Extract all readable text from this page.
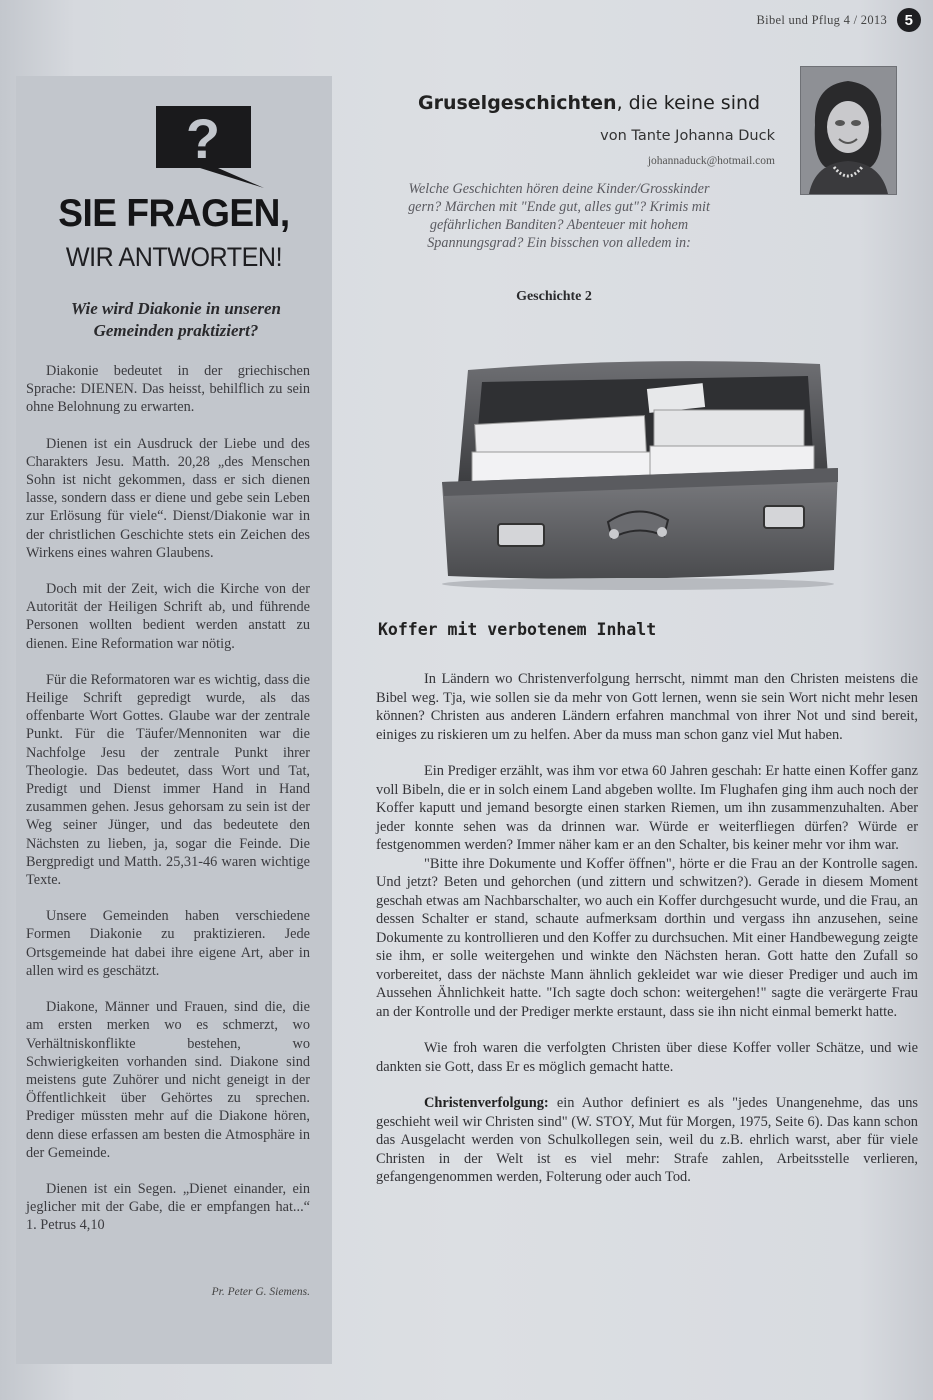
Bibel und Pflug 4 / 2013	5
?
SIE FRAGEN,
WIR ANTWORTEN!
Wie wird Diakonie in unseren Gemeinden praktiziert?

Diakonie bedeutet in der griechischen Sprache: DIENEN. Das heisst, behilflich zu sein ohne Belohnung zu erwarten.

Dienen ist ein Ausdruck der Liebe und des Charakters Jesu. Matth. 20,28 „des Menschen Sohn ist nicht gekommen, dass er sich dienen lasse, sondern dass er diene und gebe sein Leben zur Erlösung für viele“. Dienst/Diakonie war in der christlichen Geschichte stets ein Zeichen des Wirkens eines wahren Glaubens.

Doch mit der Zeit, wich die Kirche von der Autorität der Heiligen Schrift ab, und führende Personen wollten bedient werden anstatt zu dienen. Eine Reformation war nötig.

Für die Reformatoren war es wichtig, dass die Heilige Schrift gepredigt wurde, als das offenbarte Wort Gottes. Glaube war der zentrale Punkt. Für die Täufer/Mennoniten war die Nachfolge Jesu der zentrale Punkt ihrer Theologie. Das bedeutet, dass Wort und Tat, Predigt und Dienst immer Hand in Hand zusammen gehen. Jesus gehorsam zu sein ist der Weg seiner Jünger, und das bedeutete den Nächsten zu lieben, ja, sogar die Feinde. Die Bergpredigt und Matth. 25,31-46 waren wichtige Texte.

Unsere Gemeinden haben verschiedene Formen Diakonie zu praktizieren. Jede Ortsgemeinde hat dabei ihre eigene Art, aber in allen wird es geschätzt.

Diakone, Männer und Frauen, sind die, die am ersten merken wo es schmerzt, wo Verhältniskonflikte bestehen, wo Schwierigkeiten vorhanden sind. Diakone sind meistens gute Zuhörer und nicht geneigt in der Öffentlichkeit über Gehörtes zu sprechen. Prediger müssten mehr auf die Diakone hören, denn diese erfassen am besten die Atmosphäre in der Gemeinde.

Dienen ist ein Segen. „Dienet einander, ein jeglicher mit der Gabe, die er empfangen hat...“ 1. Petrus 4,10

Pr. Peter G. Siemens.
Gruselgeschichten, die keine sind
von Tante Johanna Duck
johannaduck@hotmail.com
Welche Geschichten hören deine Kinder/Grosskinder gern? Märchen mit "Ende gut, alles gut"? Krimis mit gefährlichen Banditen? Abenteuer mit hohem Spannungsgrad? Ein bisschen von alledem in:
Geschichte 2
Koffer mit verbotenem Inhalt

In Ländern wo Christenverfolgung herrscht, nimmt man den Christen meistens die Bibel weg. Tja, wie sollen sie da mehr von Gott lernen, wenn sie sein Wort nicht mehr lesen können? Christen aus anderen Ländern erfahren manchmal von ihrer Not und sind bereit, einiges zu riskieren um zu helfen. Aber da muss man schon ganz viel Mut haben.

Ein Prediger erzählt, was ihm vor etwa 60 Jahren geschah: Er hatte einen Koffer ganz voll Bibeln, die er in solch einem Land abgeben wollte. Im Flughafen ging ihm auch noch der Koffer kaputt und jemand besorgte einen starken Riemen, um ihn zusammenzuhalten. Aber jeder konnte sehen was da drinnen war. Würde er weiterfliegen dürfen? Würde er festgenommen werden? Immer näher kam er an den Schalter, bis keiner mehr vor ihm war.

"Bitte ihre Dokumente und Koffer öffnen", hörte er die Frau an der Kontrolle sagen. Und jetzt? Beten und gehorchen (und zittern und schwitzen?). Gerade in diesem Moment geschah etwas am Nachbarschalter, wo auch ein Koffer durchgesucht wurde, und die Frau, an dessen Schalter er stand, schaute aufmerksam dorthin und vergass ihn anzusehen, seine Dokumente zu kontrollieren und den Koffer zu durchsuchen. Mit einer Handbewegung zeigte sie ihm, er solle weitergehen und winkte den Nächsten heran. Gott hatte den Zufall so vorbereitet, dass der nächste Mann ähnlich gekleidet war wie dieser Prediger und auch im Aussehen Ähnlichkeit hatte. "Ich sagte doch schon: weitergehen!" sagte die verärgerte Frau an der Kontrolle und der Prediger merkte erstaunt, dass sie ihn nicht einmal bemerkt hatte.

Wie froh waren die verfolgten Christen über diese Koffer voller Schätze, und wie dankten sie Gott, dass Er es möglich gemacht hatte.

Christenverfolgung: ein Author definiert es als "jedes Unangenehme, das uns geschieht weil wir Christen sind" (W. STOY, Mut für Morgen, 1975, Seite 6). Das kann schon das Ausgelacht werden von Schulkollegen sein, weil du z.B. ehrlich warst, aber für viele Christen in der Welt ist es viel mehr: Strafe zahlen, Arbeitsstelle verlieren, gefangengenommen werden, Folterung oder auch Tod.
